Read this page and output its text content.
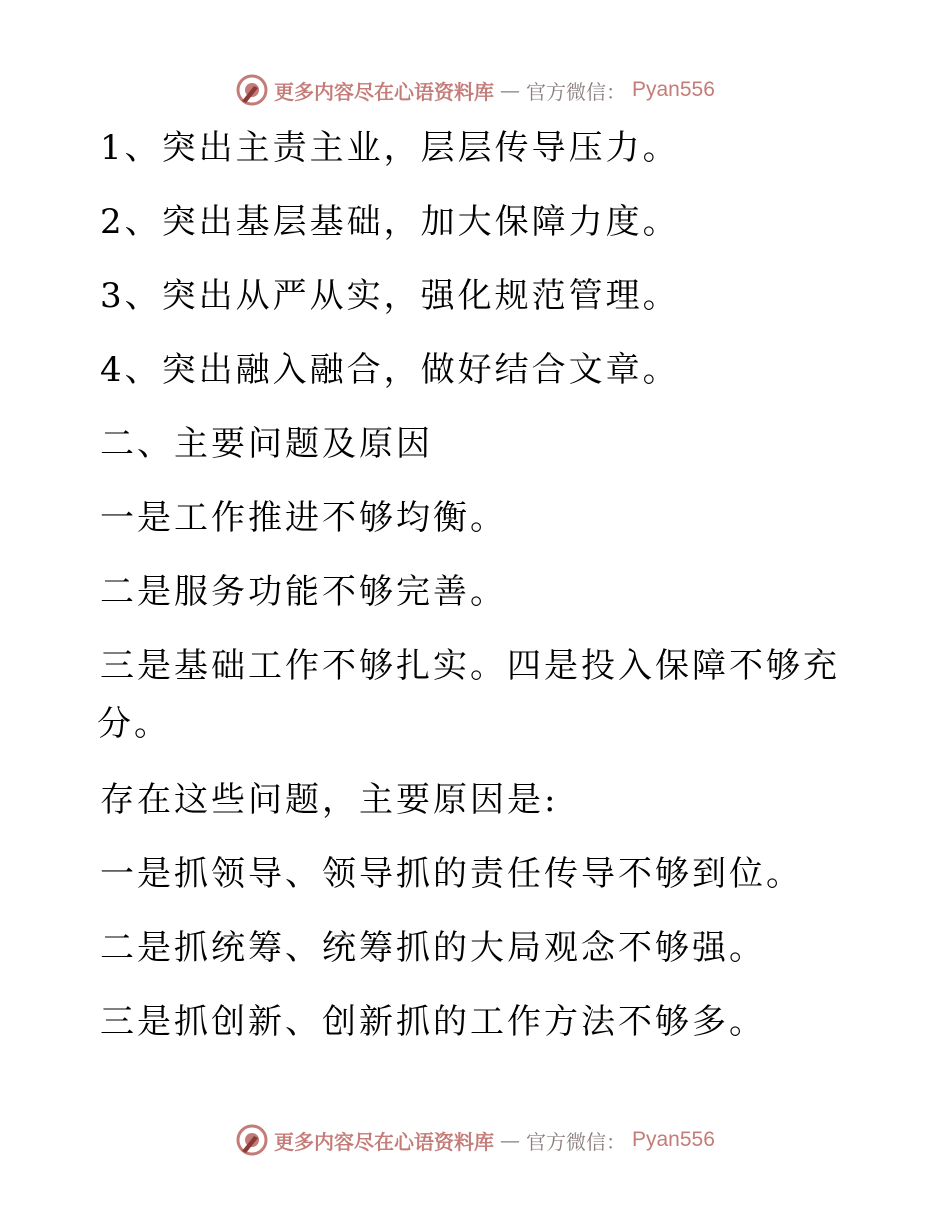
更多内容尽在心语资料库 — 官方微信： Pyan556
1、突出主责主业，层层传导压力。
2、突出基层基础，加大保障力度。
3、突出从严从实，强化规范管理。
4、突出融入融合，做好结合文章。
二、主要问题及原因
一是工作推进不够均衡。
二是服务功能不够完善。
三是基础工作不够扎实。四是投入保障不够充
分。
存在这些问题，主要原因是:
一是抓领导、领导抓的责任传导不够到位。
二是抓统筹、统筹抓的大局观念不够强。
三是抓创新、创新抓的工作方法不够多。
更多内容尽在心语资料库 — 官方微信： Pyan556
